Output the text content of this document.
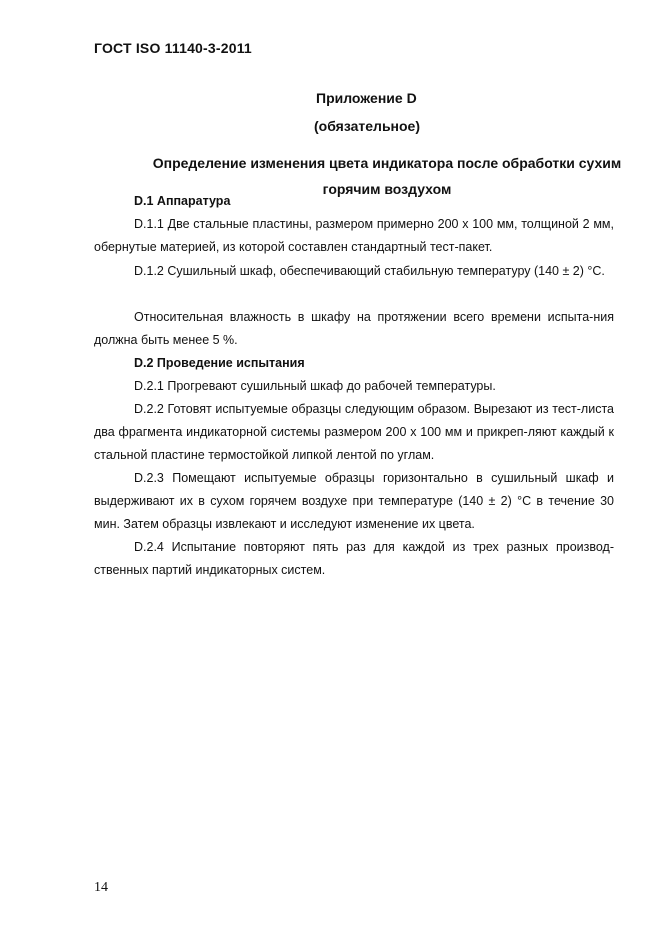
ГОСТ ISO 11140-3-2011
Приложение D
(обязательное)
Определение изменения цвета индикатора после обработки сухим горячим воздухом
D.1 Аппаратура
D.1.1 Две стальные пластины, размером примерно 200 х 100 мм, толщиной 2 мм, обернутые материей, из которой составлен стандартный тест-пакет.
D.1.2 Сушильный шкаф, обеспечивающий стабильную температуру (140 ± 2) °С.
Относительная влажность в шкафу на протяжении всего времени испыта-ния должна быть менее 5 %.
D.2 Проведение испытания
D.2.1 Прогревают сушильный шкаф до рабочей температуры.
D.2.2 Готовят испытуемые образцы следующим образом. Вырезают из тест-листа два фрагмента индикаторной системы размером 200 х 100 мм и прикреп-ляют каждый к стальной пластине термостойкой липкой лентой по углам.
D.2.3 Помещают испытуемые образцы горизонтально в сушильный шкаф и выдерживают их в сухом горячем воздухе при температуре (140 ± 2) °С в течение 30 мин. Затем образцы извлекают и исследуют изменение их цвета.
D.2.4 Испытание повторяют пять раз для каждой из трех разных производ-ственных партий индикаторных систем.
14
